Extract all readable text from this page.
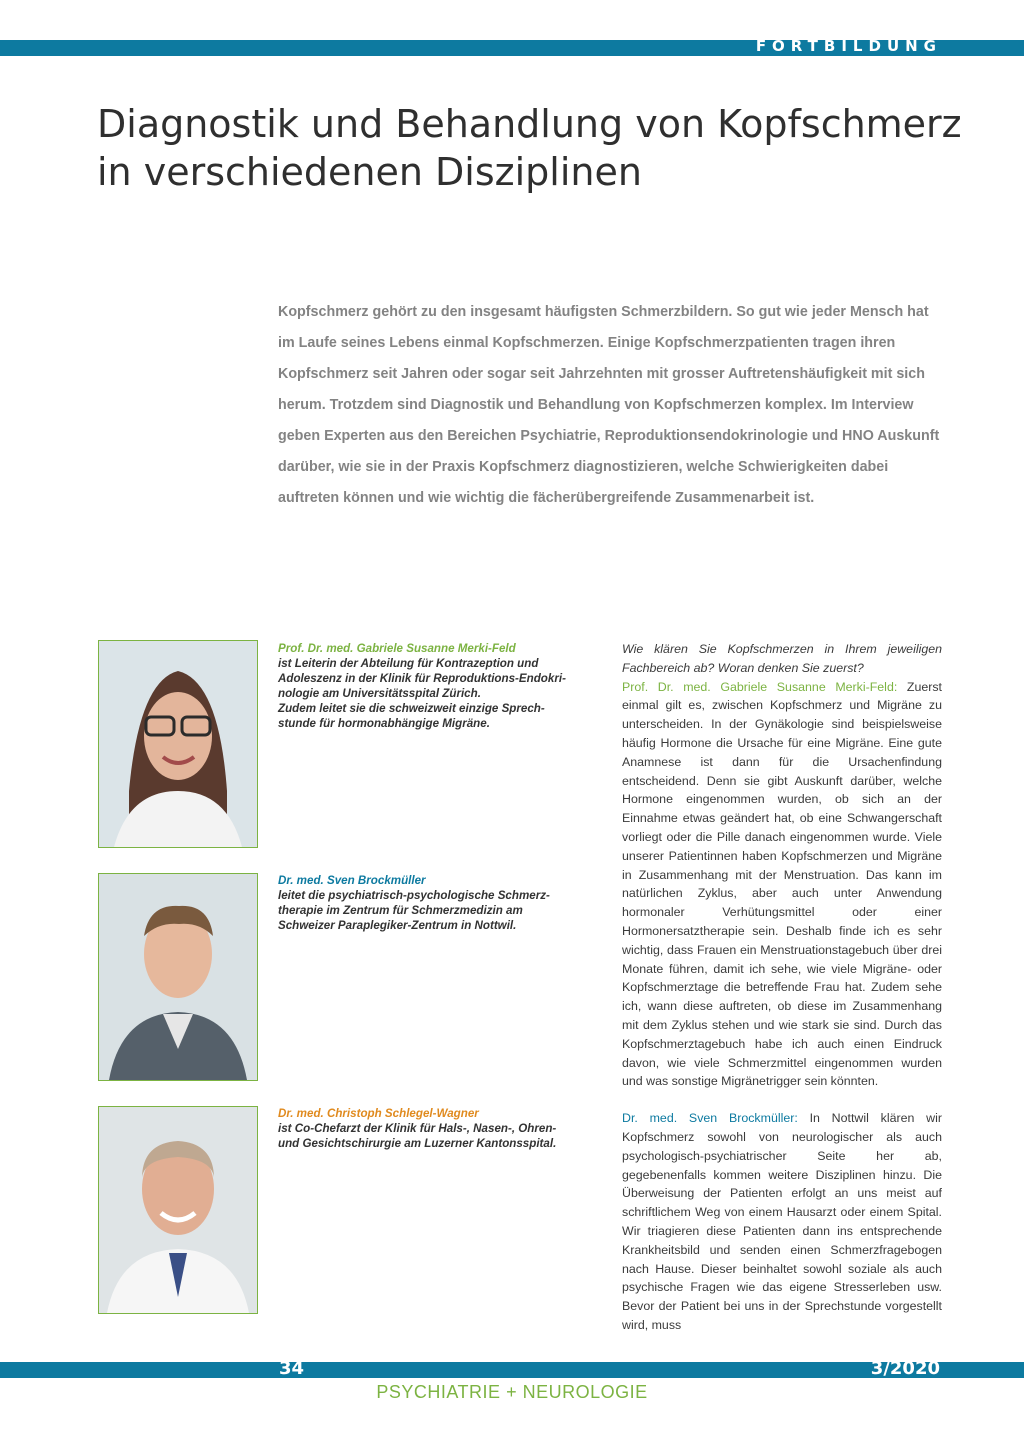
FORTBILDUNG
Diagnostik und Behandlung von Kopfschmerz
in verschiedenen Disziplinen

Kopfschmerz gehört zu den insgesamt häufigsten Schmerzbildern. So gut wie jeder Mensch hat im Laufe seines Lebens einmal Kopfschmerzen. Einige Kopfschmerzpatienten tragen ihren Kopfschmerz seit Jahren oder sogar seit Jahrzehnten mit grosser Auftretenshäufigkeit mit sich herum. Trotzdem sind Diagnostik und Behandlung von Kopfschmerzen komplex. Im Interview geben Experten aus den Bereichen Psychiatrie, Reproduktionsendokrinologie und HNO Auskunft darüber, wie sie in der Praxis Kopfschmerz diagnostizieren, welche Schwierigkeiten dabei auftreten können und wie wichtig die fächerübergreifende Zusammenarbeit ist.

Prof. Dr. med. Gabriele Susanne Merki-Feld
ist Leiterin der Abteilung für Kontrazeption und
Adoleszenz in der Klinik für Reproduktions-Endokri-
nologie am Universitätsspital Zürich.
Zudem leitet sie die schweizweit einzige Sprech-
stunde für hormonabhängige Migräne.
Dr. med. Sven Brockmüller
leitet die psychiatrisch-psychologische Schmerz-
therapie im Zentrum für Schmerzmedizin am
Schweizer Paraplegiker-Zentrum in Nottwil.
Dr. med. Christoph Schlegel-Wagner
ist Co-Chefarzt der Klinik für Hals-, Nasen-, Ohren-
und Gesichtschirurgie am Luzerner Kantonsspital.

Wie klären Sie Kopfschmerzen in Ihrem jeweiligen Fachbereich ab? Woran denken Sie zuerst?

Prof. Dr. med. Gabriele Susanne Merki-Feld: Zuerst einmal gilt es, zwischen Kopfschmerz und Migräne zu unterscheiden. In der Gynäkologie sind beispielsweise häufig Hormone die Ursache für eine Migräne. Eine gute Anamnese ist dann für die Ursachenfindung entscheidend. Denn sie gibt Auskunft darüber, welche Hormone eingenommen wurden, ob sich an der Einnahme etwas geändert hat, ob eine Schwangerschaft vorliegt oder die Pille danach eingenommen wurde. Viele unserer Patientinnen haben Kopfschmerzen und Migräne in Zusammenhang mit der Menstruation. Das kann im natürlichen Zyklus, aber auch unter Anwendung hormonaler Verhütungsmittel oder einer Hormonersatztherapie sein. Deshalb finde ich es sehr wichtig, dass Frauen ein Menstruationstagebuch über drei Monate führen, damit ich sehe, wie viele Migräne- oder Kopfschmerztage die betreffende Frau hat. Zudem sehe ich, wann diese auftreten, ob diese im Zusammenhang mit dem Zyklus stehen und wie stark sie sind. Durch das Kopfschmerztagebuch habe ich auch einen Eindruck davon, wie viele Schmerzmittel eingenommen wurden und was sonstige Migränetrigger sein könnten.

Dr. med. Sven Brockmüller: In Nottwil klären wir Kopfschmerz sowohl von neurologischer als auch psychologisch-psychiatrischer Seite her ab, gegebenenfalls kommen weitere Disziplinen hinzu. Die Überweisung der Patienten erfolgt an uns meist auf schriftlichem Weg von einem Hausarzt oder einem Spital. Wir triagieren diese Patienten dann ins entsprechende Krankheitsbild und senden einen Schmerzfragebogen nach Hause. Dieser beinhaltet sowohl soziale als auch psychische Fragen wie das eigene Stresserleben usw. Bevor der Patient bei uns in der Sprechstunde vorgestellt wird, muss

34	3/2020
PSYCHIATRIE + NEUROLOGIE
